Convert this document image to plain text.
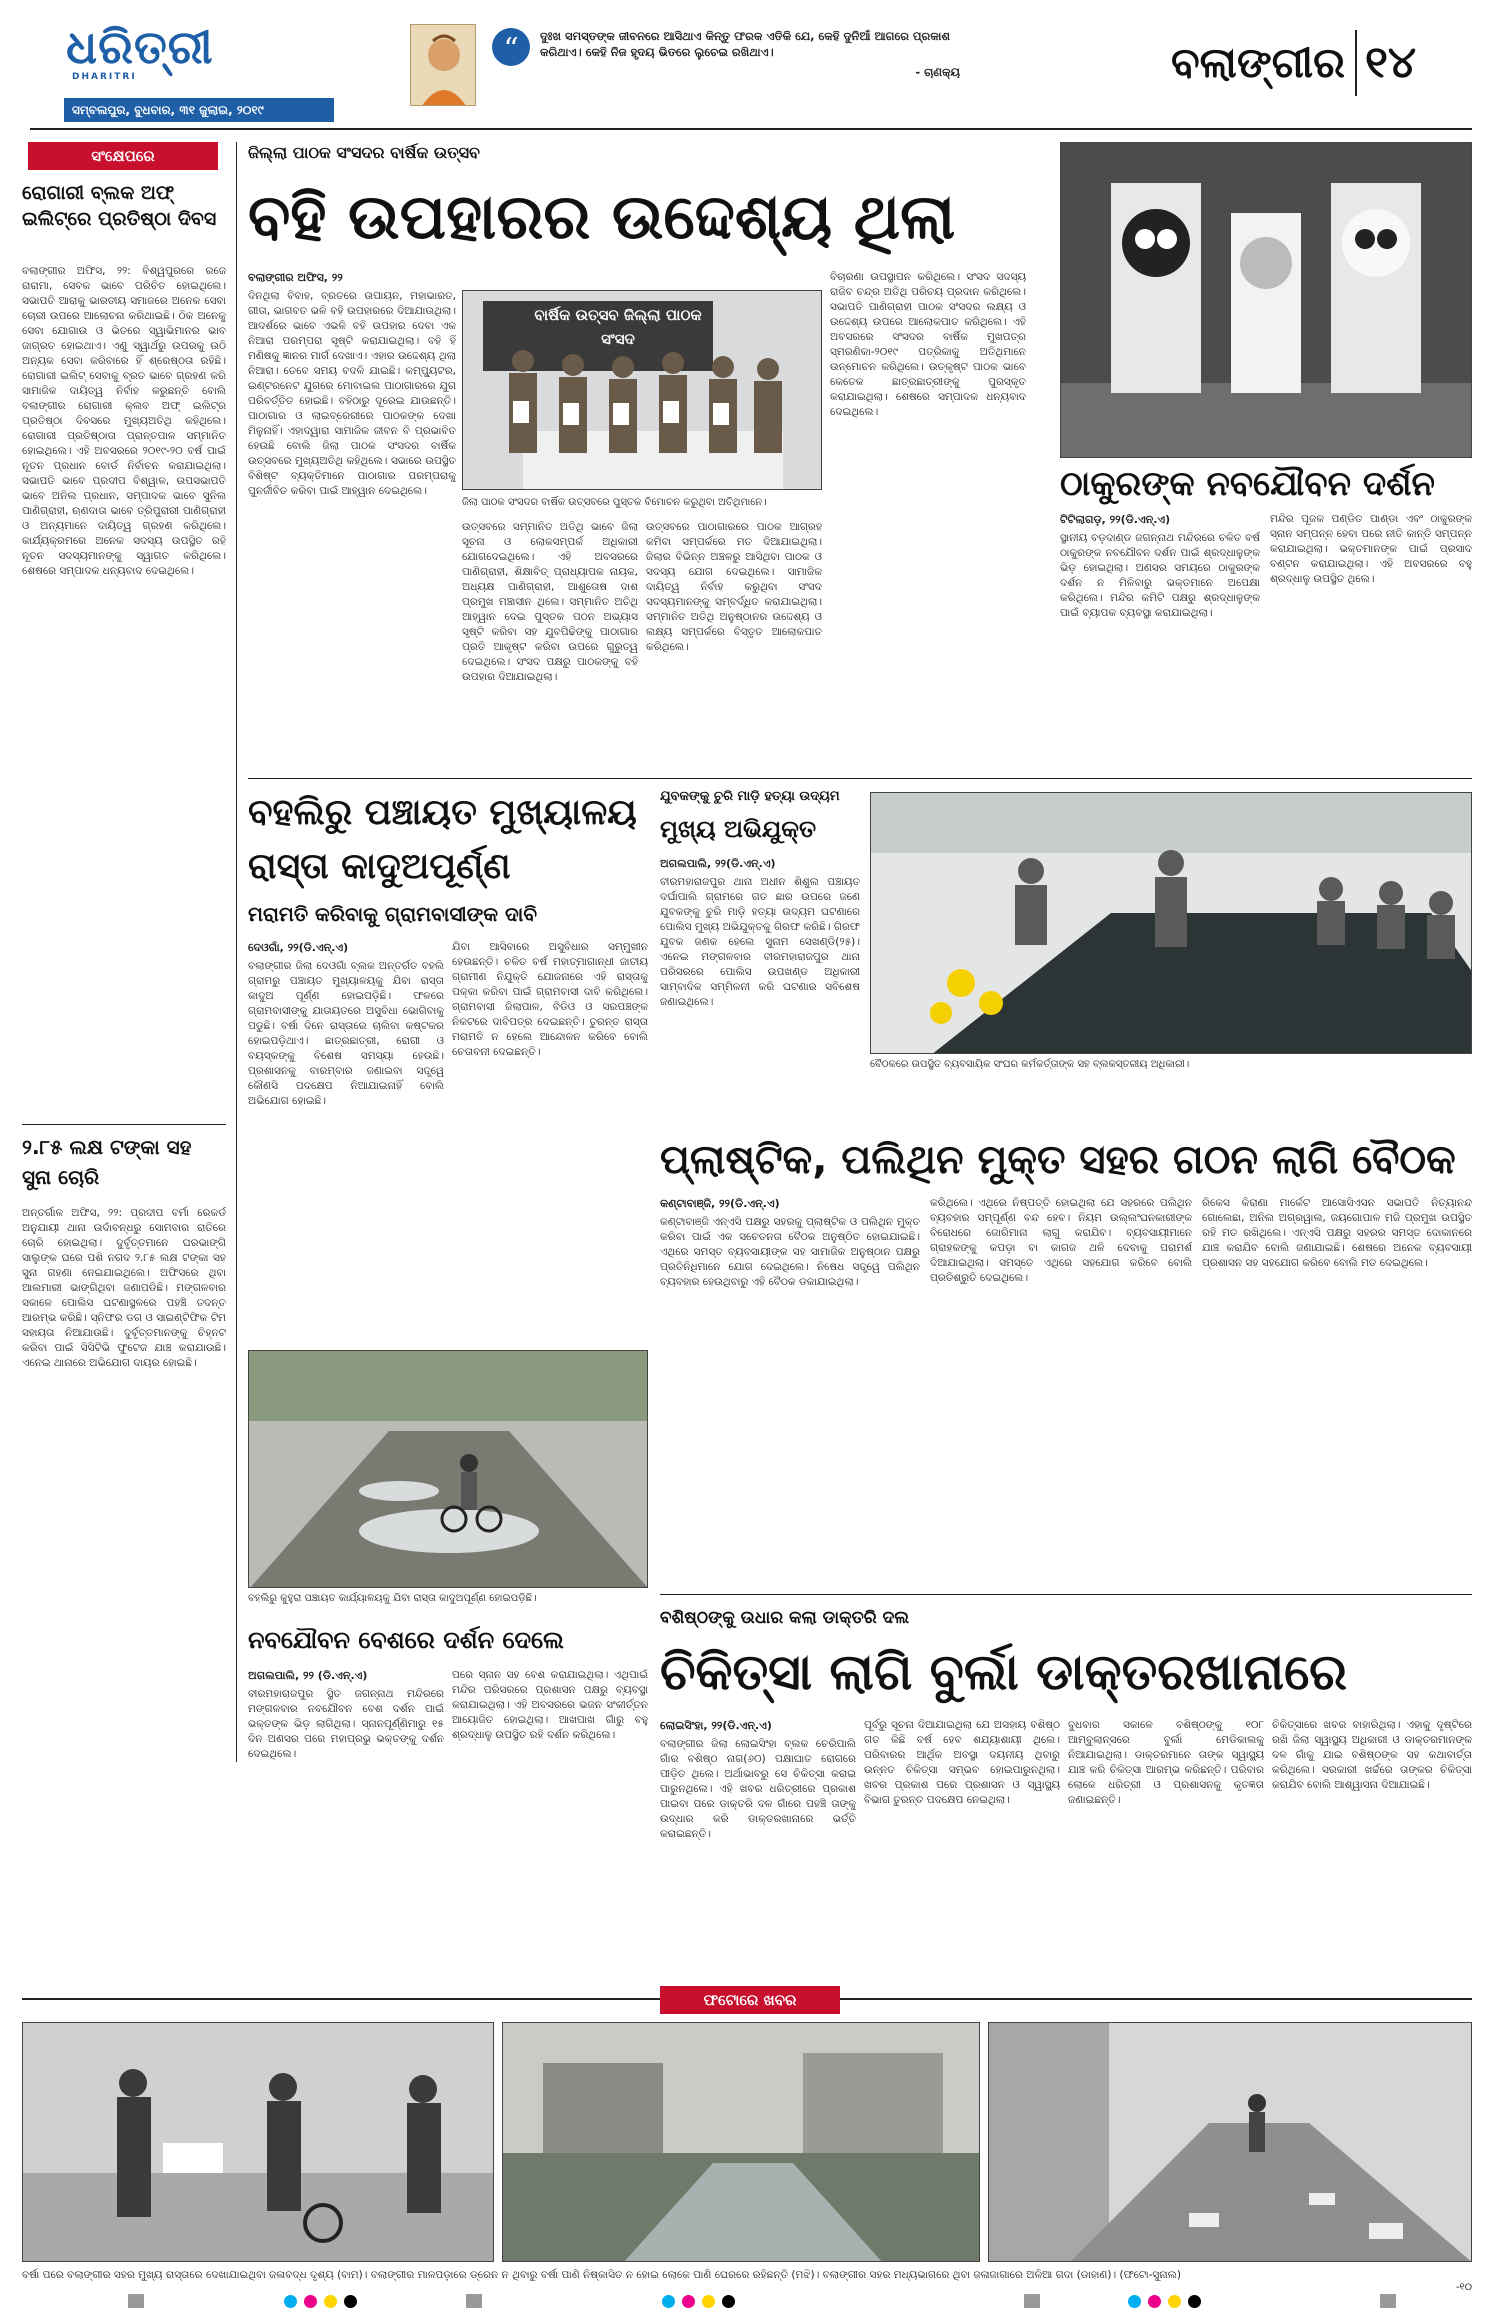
ଧରିତ୍ରୀ
DHARITRI
ସମ୍ବଲପୁର, ବୁଧବାର, ୩୧ ଜୁଲାଇ, ୨୦୧୯
“	ଦୁଃଖ ସମସ୍ତଙ୍କ ଜୀବନରେ ଆସିଥାଏ କିନ୍ତୁ ଫରକ ଏତିକି ଯେ, କେହି ଦୁନିଆଁ ଆଗରେ ପ୍ରକାଶ କରିଥାଏ। କେହି ନିଜ ହୃଦୟ ଭିତରେ ଲୁଚେଇ ରଖିଥାଏ।
- ଚାଣକ୍ୟ	ବଲାଙ୍ଗୀର ୧୪
ସଂକ୍ଷେପରେ
ରୋଗାରୀ ବ୍ଲକ ଅଫ୍‌ ଇଲିଟ୍ରେ ପ୍ରତିଷ୍ଠା ଦିବସ

ବଲାଙ୍ଗୀର ଅଫିସ, ୨୨: ବିଶ୍ୱପୁରରେ ରଜେ ରାରାମା, ସେବକ ଭାବେ ପରିଚିତ ହୋଇଥିଲେ। ସଭାପତି ଆରାକୁ ଭାରତୀୟ ସମାଜରେ ଅନେକ ସେବା ଚୋରୀ ଉପରେ ଆଲୋଚନା କରିଥାଇଛି। ଠିକ ଅନେକୁ ସେବା ଯୋଗାଉ ଓ ଭିତରେ ସ୍ୱାଭିମାନର ଭାବ ଜାଗ୍ରତ ହୋଇଥାଏ। ଏଣୁ ସ୍ୱାର୍ଥରୁ ଉପରକୁ ଉଠି ଅନ୍ୟକ ସେବା କରିବାରେ ହିଁ ଶ୍ରେଷ୍ଠତା ରହିଛି। ରୋଗାରୀ ଇଲିଟ୍ ସେବାକୁ ବ୍ରତ ଭାବେ ଗ୍ରହଣ କରି ସାମାଜିକ ଦାୟିତ୍ୱ ନିର୍ବାହ କରୁଛନ୍ତି ବୋଲି ବଲାଙ୍ଗୀର ରୋଗାରୀ କ୍ଲବ ଅଫ୍‌ ଇଲିଟ୍ର ପ୍ରତିଷ୍ଠା ଦିବସରେ ମୁଖ୍ୟଅତିଥି କହିଥିଲେ। ରୋଗାରୀ ପ୍ରତିଷ୍ଠାତା ପ୍ରାନ୍ତପାଳ ସମ୍ମାନିତ ହୋଇଥିଲେ। ଏହି ଅବସରରେ ୨୦୧୯-୨୦ ବର୍ଷ ପାଇଁ ନୂତନ ପ୍ରଧାନ ବୋର୍ଡ ନିର୍ବାଚନ କରାଯାଇଥିଲା। ସଭାପତି ଭାବେ ପ୍ରଦୀପ ବିଶ୍ୱାଳ, ଉପସଭାପତି ଭାବେ ଅନିଲ ପ୍ରଧାନ, ସମ୍ପାଦକ ଭାବେ ସୁନିଲ ପାଣିଗ୍ରାହୀ, ଋଣଦାତା ଭାବେ ତ୍ରିପୁରାରୀ ପାଣିଗ୍ରାହୀ ଓ ଅନ୍ୟମାନେ ଦାୟିତ୍ୱ ଗ୍ରହଣ କରିଥିଲେ। କାର୍ଯ୍ୟକ୍ରମରେ ଅନେକ ସଦସ୍ୟ ଉପସ୍ଥିତ ରହି ନୂତନ ସଦସ୍ୟମାନଙ୍କୁ ସ୍ୱାଗତ କରିଥିଲେ। ଶେଷରେ ସମ୍ପାଦକ ଧନ୍ୟବାଦ ଦେଇଥିଲେ।

୨.୮୫ ଲକ୍ଷ ଟଙ୍କା ସହ ସୁନା ଚୋରି

ଅନ୍ତର୍ଗାଳ ଅଫିସ, ୨୨: ପ୍ରଦୀପ ବର୍ମା ରେକର୍ଡ ଅନୁଯାୟୀ ଥାନା ଉଦାଁବନ୍ଧରୁ ସୋମବାର ରାତିରେ ଚୋରି ହୋଇଥିଲା। ଦୁର୍ବୃତ୍ତମାନେ ଘରଭାଙ୍ଗି ସାଲୁଙ୍କ ଘରେ ପଶି ନଗଦ ୨.୮୫ ଲକ୍ଷ ଟଙ୍କା ସହ ସୁନା ଗହଣା ନେଇଯାଇଥିଲେ। ଅଫିସରେ ଥିବା ଆଲମାରୀ ଭାଙ୍ଗିଥିବା ଜଣାପଡିଛି। ମଙ୍ଗଳବାର ସକାଳେ ପୋଲିସ ଘଟଣାସ୍ଥଳରେ ପହଞ୍ଚି ତଦନ୍ତ ଆରମ୍ଭ କରିଛି। ସ୍ନିଫର ଡଗ ଓ ସାଇଣ୍ଟିଫିକ ଟିମ ସହାୟତା ନିଆଯାଉଛି। ଦୁର୍ବୃତ୍ତମାନଙ୍କୁ ଚିହ୍ନଟ କରିବା ପାଇଁ ସିସିଟିଭି ଫୁଟେଜ ଯାଞ୍ଚ କରାଯାଉଛି। ଏନେଇ ଥାନାରେ ଅଭିଯୋଗ ଦାୟର ହୋଇଛି।

ଜିଲ୍ଲା ପାଠକ ସଂସଦର ବାର୍ଷିକ ଉତ୍ସବ
ବହି ଉପହାରର ଉଦ୍ଦେଶ୍ୟ ଥିଲା
ବଲାଙ୍ଗୀର ଅଫିସ, ୨୨

ଦିନଥିଲା ବିବାହ, ବ୍ରତରେ ଉପାୟନ, ମହାଭାରତ, ଗୀତା, ଭାଗବତ ଭଳି ବହି ଉପହାରରେ ଦିଆଯାଉଥିଲା। ଆଦର୍ଶରେ ଭାବେ ଏଭଳି ବହି ଉପହାର ଦେବା ଏକ ନିଆରା ପରମ୍ପରା ସୃଷ୍ଟି କରାଯାଇଥିଲା। ବହି ହିଁ ମଣିଷକୁ ଜ୍ଞାନର ମାର୍ଗ ଦେଖାଏ। ଏହାର ଉଦ୍ଦେଶ୍ୟ ଥିଲା ନିଆରା। ତେବେ ସମୟ ବଦଳି ଯାଇଛି। କମ୍ପ୍ୟୁଟର, ଇଣ୍ଟରନେଟ ଯୁଗରେ ମୋବାଇଲ ପାଠାଗାରରେ ଯୁଗ ପରିବର୍ତ୍ତିତ ହୋଇଛି। ବହିଠାରୁ ଦୂରେଇ ଯାଉଛନ୍ତି। ପାଠାଗାର ଓ ଲାଇବ୍ରେରୀରେ ପାଠକଙ୍କ ଦେଖା ମିଳୁନାହିଁ। ଏହାଦ୍ୱାରା ସାମାଜିକ ଜୀବନ ବି ପ୍ରଭାବିତ ହେଉଛି ବୋଲି ଜିଲା ପାଠକ ସଂସଦର ବାର୍ଷିକ ଉତ୍ସବରେ ମୁଖ୍ୟଅତିଥି କହିଥିଲେ। ସଭାରେ ଉପସ୍ଥିତ ବିଶିଷ୍ଟ ବ୍ୟକ୍ତିମାନେ ପାଠାଗାର ପରମ୍ପରାକୁ ପୁନର୍ଜୀବିତ କରିବା ପାଇଁ ଆହ୍ୱାନ ଦେଇଥିଲେ।

ବାର୍ଷିକ ଉତ୍ସବ ଜିଲ୍ଲା ପାଠକ ସଂସଦ
ଜିଲା ପାଠକ ସଂସଦର ବାର୍ଷିକ ଉତ୍ସବରେ ପୁସ୍ତକ ବିମୋଚନ କରୁଥିବା ଅତିଥିମାନେ।

ଉତ୍ସବରେ ସମ୍ମାନିତ ଅତିଥି ଭାବେ ଜିଲା ସୂଚନା ଓ ଲୋକସମ୍ପର୍କ ଅଧିକାରୀ ଯୋଗଦେଇଥିଲେ। ଏହି ଅବସରରେ ପାଣିଗ୍ରାହୀ, ଶିକ୍ଷାବିତ୍ ପ୍ରାଧ୍ୟାପକ ନାୟକ, ଅଧ୍ୟକ୍ଷ ପାଣିଗ୍ରାହୀ, ଆଶୁତୋଷ ଦାଶ ପ୍ରମୁଖ ମଞ୍ଚାସୀନ ଥିଲେ। ସମ୍ମାନିତ ଅତିଥି ଆହ୍ୱାନ ଦେଇ ପୁସ୍ତକ ପଠନ ଅଭ୍ୟାସ ସୃଷ୍ଟି କରିବା ସହ ଯୁବପିଢିଙ୍କୁ ପାଠାଗାର ପ୍ରତି ଆକୃଷ୍ଟ କରିବା ଉପରେ ଗୁରୁତ୍ୱ ଦେଇଥିଲେ। ସଂସଦ ପକ୍ଷରୁ ପାଠକଙ୍କୁ ବହି ଉପହାର ଦିଆଯାଇଥିଲା।

ଉତ୍ସବରେ ପାଠାଗାରରେ ପାଠକ ଆଗ୍ରହ କମିବା ସମ୍ପର୍କରେ ମତ ଦିଆଯାଇଥିଲା। ଜିଲାର ବିଭିନ୍ନ ଅଞ୍ଚଳରୁ ଆସିଥିବା ପାଠକ ଓ ସଦସ୍ୟ ଯୋଗ ଦେଇଥିଲେ। ସାମାଜିକ ଦାୟିତ୍ୱ ନିର୍ବାହ କରୁଥିବା ସଂସଦ ସଦସ୍ୟମାନଙ୍କୁ ସମ୍ବର୍ଦ୍ଧିତ କରାଯାଇଥିଲା। ସମ୍ମାନିତ ଅତିଥି ଅନୁଷ୍ଠାନର ଉଦ୍ଦେଶ୍ୟ ଓ ଲକ୍ଷ୍ୟ ସମ୍ପର୍କରେ ବିସ୍ତୃତ ଆଲୋକପାତ କରିଥିଲେ।

ବିଚାରଣା ଉପସ୍ଥାପନ କରିଥିଲେ। ସଂସଦ ସଦସ୍ୟ ରାଜିବ ଚନ୍ଦ୍ର ଅତିଥି ପରିଚୟ ପ୍ରଦାନ କରିଥିଲେ। ସଭାପତି ପାଣିଗ୍ରାହୀ ପାଠକ ସଂସଦର ଲକ୍ଷ୍ୟ ଓ ଉଦ୍ଦେଶ୍ୟ ଉପରେ ଆଲୋକପାତ କରିଥିଲେ। ଏହି ଅବସରରେ ସଂସଦର ବାର୍ଷିକ ମୁଖପତ୍ର ସ୍ମରଣିକା-୨୦୧୯ ପତ୍ରିକାକୁ ଅତିଥିମାନେ ଉନ୍ମୋଚନ କରିଥିଲେ। ଉତ୍କୃଷ୍ଟ ପାଠକ ଭାବେ କେତେକ ଛାତ୍ରଛାତ୍ରୀଙ୍କୁ ପୁରସ୍କୃତ କରାଯାଇଥିଲା। ଶେଷରେ ସମ୍ପାଦକ ଧନ୍ୟବାଦ ଦେଇଥିଲେ।

ଠାକୁରଙ୍କ ନବଯୌବନ ଦର୍ଶନ
ଟିଟିଲାଗଡ଼, ୨୨(ଡି.ଏନ୍.ଏ)

ସ୍ଥାନୀୟ ବଡ଼ଦାଣ୍ଡ ଜଗନ୍ନାଥ ମନ୍ଦିରରେ ଚଳିତ ବର୍ଷ ଠାକୁରଙ୍କ ନବଯୌବନ ଦର୍ଶନ ପାଇଁ ଶ୍ରଦ୍ଧାଳୁଙ୍କ ଭିଡ଼ ହୋଇଥିଲା। ଅଣସର ସମୟରେ ଠାକୁରଙ୍କ ଦର୍ଶନ ନ ମିଳିବାରୁ ଭକ୍ତମାନେ ଅପେକ୍ଷା କରିଥିଲେ। ମନ୍ଦିର କମିଟି ପକ୍ଷରୁ ଶ୍ରଦ୍ଧାଳୁଙ୍କ ପାଇଁ ବ୍ୟାପକ ବ୍ୟବସ୍ଥା କରାଯାଇଥିଲା।

ମନ୍ଦିର ପୂଜକ ପଣ୍ଡିତ ପାଣ୍ଡା ଏବଂ ଠାକୁରଙ୍କ ସ୍ନାନ ସମ୍ପନ୍ନ ହେବା ପରେ ନୀତି କାନ୍ତି ସମ୍ପନ୍ନ କରାଯାଇଥିଲା। ଭକ୍ତମାନଙ୍କ ପାଇଁ ପ୍ରସାଦ ବଣ୍ଟନ କରାଯାଇଥିଲା। ଏହି ଅବସରରେ ବହୁ ଶ୍ରଦ୍ଧାଳୁ ଉପସ୍ଥିତ ଥିଲେ।

ବହଲିରୁ ପଞ୍ଚାୟତ ମୁଖ୍ୟାଳୟ ରାସ୍ତା କାଦୁଅପୂର୍ଣ୍ଣ
ମରାମତି କରିବାକୁ ଗ୍ରାମବାସୀଙ୍କ ଦାବି
ଦେଓଗାଁ, ୨୨(ଡି.ଏନ୍.ଏ)

ବଲାଙ୍ଗୀର ଜିଲା ଦେଓଗାଁ ବ୍ଲକ ଅନ୍ତର୍ଗତ ବହଲି ଗ୍ରାମରୁ ପଞ୍ଚାୟତ ମୁଖ୍ୟାଳୟକୁ ଯିବା ରାସ୍ତା କାଦୁଅ ପୂର୍ଣ୍ଣ ହୋଇପଡ଼ିଛି। ଫଳରେ ଗ୍ରାମବାସୀଙ୍କୁ ଯାତାୟତରେ ଅସୁବିଧା ଭୋଗିବାକୁ ପଡୁଛି। ବର୍ଷା ଦିନେ ରାସ୍ତାରେ ଚାଲିବା କଷ୍ଟକର ହୋଇପଡ଼ିଥାଏ। ଛାତ୍ରଛାତ୍ରୀ, ରୋଗୀ ଓ ବୟସ୍କଙ୍କୁ ବିଶେଷ ସମସ୍ୟା ହେଉଛି। ପ୍ରଶାସନକୁ ବାରମ୍ବାର ଜଣାଇବା ସତ୍ତ୍ୱେ କୌଣସି ପଦକ୍ଷେପ ନିଆଯାଇନାହିଁ ବୋଲି ଅଭିଯୋଗ ହୋଇଛି।

ଯିବା ଆସିବାରେ ଅସୁବିଧାର ସମ୍ମୁଖୀନ ହେଉଛନ୍ତି। ଚଳିତ ବର୍ଷ ମହାତ୍ମାଗାନ୍ଧୀ ଜାତୀୟ ଗ୍ରାମୀଣ ନିଯୁକ୍ତି ଯୋଜନାରେ ଏହି ରାସ୍ତାକୁ ପକ୍କା କରିବା ପାଇଁ ଗ୍ରାମବାସୀ ଦାବି କରିଥିଲେ। ଗ୍ରାମବାସୀ ଜିଲାପାଳ, ବିଡିଓ ଓ ସରପଞ୍ଚଙ୍କ ନିକଟରେ ଦାବିପତ୍ର ଦେଇଛନ୍ତି। ତୁରନ୍ତ ରାସ୍ତା ମରାମତି ନ ହେଲେ ଆନ୍ଦୋଳନ କରିବେ ବୋଲି ଚେତାବନୀ ଦେଇଛନ୍ତି।

ବହଲିରୁ କୁହୁରା ପଞ୍ଚାୟତ କାର୍ଯ୍ୟାଳୟକୁ ଯିବା ରାସ୍ତା କାଦୁଅପୂର୍ଣ୍ଣ ହୋଇପଡ଼ିଛି।
ଯୁବକଙ୍କୁ ଚୁରି ମାଡ଼ି ହତ୍ୟା ଉଦ୍ୟମ
ମୁଖ୍ୟ ଅଭିଯୁକ୍ତ
ଅଗଲପାଲି, ୨୨(ଡି.ଏନ୍.ଏ)

ବୀରମହାରାଜପୁର ଥାନା ଅଧୀନ ଶିଶୁଲ ପଞ୍ଚାୟତ ଦର୍ଘାପାଲି ଗ୍ରାମରେ ଗତ ଛାର ଉପରେ ଜଣେ ଯୁବକଙ୍କୁ ଚୁରି ମାଡ଼ି ହତ୍ୟା ଉଦ୍ୟମ ଘଟଣାରେ ପୋଲିସ ମୁଖ୍ୟ ଅଭିଯୁକ୍ତକୁ ଗିରଫ କରିଛି। ଗିରଫ ଯୁବକ ଜଣକ ହେଲେ ସୁନାମ ସେଖଣ୍ଡି(୨୫)। ଏନେଇ ମଙ୍ଗଳବାର ବୀରମହାରାଜପୁର ଥାନା ପରିସରରେ ପୋଲିସ ଉପଖଣ୍ଡ ଅଧିକାରୀ ସାମ୍ବାଦିକ ସମ୍ମିଳନୀ କରି ଘଟଣାର ସବିଶେଷ ଜଣାଇଥିଲେ।

ବୈଠକରେ ଉପସ୍ଥିତ ବ୍ୟବସାୟିକ ସଂଘର କର୍ମକର୍ତ୍ତାଙ୍କ ସହ ବ୍ଲକସ୍ତରୀୟ ଅଧିକାରୀ।
ପ୍ଲାଷ୍ଟିକ, ପଲିଥିନ ମୁକ୍ତ ସହର ଗଠନ ଲାଗି ବୈଠକ
କଣ୍ଟାବାଞ୍ଜି, ୨୨(ଡି.ଏନ୍.ଏ)

କଣ୍ଟାବାଞ୍ଜି ଏନ୍‌ଏସି ପକ୍ଷରୁ ସହରକୁ ପ୍ଲାଷ୍ଟିକ ଓ ପଲିଥିନ ମୁକ୍ତ କରିବା ପାଇଁ ଏକ ସଚେତନତା ବୈଠକ ଅନୁଷ୍ଠିତ ହୋଇଯାଇଛି। ଏଥିରେ ସମସ୍ତ ବ୍ୟବସାୟୀଙ୍କ ସହ ସାମାଜିକ ଅନୁଷ୍ଠାନ ପକ୍ଷରୁ ପ୍ରତିନିଧିମାନେ ଯୋଗ ଦେଇଥିଲେ। ନିଷେଧ ସତ୍ତ୍ୱେ ପଲିଥିନ ବ୍ୟବହାର ହେଉଥିବାରୁ ଏହି ବୈଠକ ଡକାଯାଇଥିଲା।

କରିଥିଲେ। ଏଥିରେ ନିଷ୍ପତ୍ତି ହୋଇଥିଲା ଯେ ସହରରେ ପଲିଥିନ ବ୍ୟବହାର ସମ୍ପୂର୍ଣ୍ଣ ବନ୍ଦ ହେବ। ନିୟମ ଉଲ୍ଲଂଘନକାରୀଙ୍କ ବିରୋଧରେ ଜୋରିମାନା ଲାଗୁ କରାଯିବ। ବ୍ୟବସାୟୀମାନେ ଗ୍ରାହକଙ୍କୁ କପଡ଼ା ବା କାଗଜ ଥଳି ଦେବାକୁ ପରାମର୍ଶ ଦିଆଯାଇଥିଲା। ସମସ୍ତେ ଏଥିରେ ସହଯୋଗ କରିବେ ବୋଲି ପ୍ରତିଶ୍ରୁତି ଦେଇଥିଲେ।

ରିକେସ କିରାଣା ମାର୍କେଟ ଆସୋସିଏସନ ସଭାପତି ନିତ୍ୟାନନ୍ଦ ଗୋଲେଛା, ଅନିଲ ଅଗ୍ରୱାଲ, ଜୟଗୋପାଳ ମଜି ପ୍ରମୁଖ ଉପସ୍ଥିତ ରହି ମତ ରଖିଥିଲେ। ଏନ୍‌ଏସି ପକ୍ଷରୁ ସହରର ସମସ୍ତ ଦୋକାନରେ ଯାଞ୍ଚ କରାଯିବ ବୋଲି ଜଣାଯାଇଛି। ଶେଷରେ ଅନେକ ବ୍ୟବସାୟୀ ପ୍ରଶାସନ ସହ ସହଯୋଗ କରିବେ ବୋଲି ମତ ଦେଇଥିଲେ।

ବଶିଷ୍ଠଙ୍କୁ ଉଧାର କଲା ଡାକ୍ତରି ଦଲ
ଚିକିତ୍ସା ଲାଗି ବୁର୍ଲା ଡାକ୍ତରଖାନାରେ
ଲୋଇସିଂହା, ୨୨(ଡି.ଏନ୍.ଏ)

ବଲାଙ୍ଗୀର ଜିଲା ଲୋଇସିଂହା ବ୍ଲକ ଚେରିପାଲି ଗାଁର ବଶିଷ୍ଠ ନାଗ(୬୦) ପକ୍ଷାଘାତ ରୋଗରେ ପୀଡ଼ିତ ଥିଲେ। ଅର୍ଥାଭାବରୁ ସେ ଚିକିତ୍ସା କରାଇ ପାରୁନଥିଲେ। ଏହି ଖବର ଧରିତ୍ରୀରେ ପ୍ରକାଶ ପାଇବା ପରେ ଡାକ୍ତରି ଦଳ ଗାଁରେ ପହଞ୍ଚି ତାଙ୍କୁ ଉଦ୍ଧାର କରି ଡାକ୍ତରଖାନାରେ ଭର୍ତ୍ତି କରାଇଛନ୍ତି।

ପୂର୍ବରୁ ସୂଚନା ଦିଆଯାଇଥିଲା ଯେ ଅସହାୟ ବଶିଷ୍ଠ ଗତ କିଛି ବର୍ଷ ହେବ ଶଯ୍ୟାଶାୟୀ ଥିଲେ। ପରିବାରର ଆର୍ଥିକ ଅବସ୍ଥା ଦୟନୀୟ ଥିବାରୁ ଉନ୍ନତ ଚିକିତ୍ସା ସମ୍ଭବ ହୋଇପାରୁନଥିଲା। ଖବର ପ୍ରକାଶ ପରେ ପ୍ରଶାସନ ଓ ସ୍ୱାସ୍ଥ୍ୟ ବିଭାଗ ତୁରନ୍ତ ପଦକ୍ଷେପ ନେଇଥିଲା।

ବୁଧବାର ସକାଳେ ବଶିଷ୍ଠଙ୍କୁ ୧୦୮ ଆମ୍ବୁଲାନ୍ସରେ ବୁର୍ଲା ମେଡିକାଲକୁ ନିଆଯାଇଥିଲା। ଡାକ୍ତରମାନେ ତାଙ୍କ ସ୍ୱାସ୍ଥ୍ୟ ଯାଞ୍ଚ କରି ଚିକିତ୍ସା ଆରମ୍ଭ କରିଛନ୍ତି। ପରିବାର ଲୋକେ ଧରିତ୍ରୀ ଓ ପ୍ରଶାସନକୁ କୃତଜ୍ଞତା ଜଣାଇଛନ୍ତି।

ଚିକିତ୍ସାରେ ଖବର ବାହାରିଥିଲା। ଏହାକୁ ଦୃଷ୍ଟିରେ ରଖି ଜିଲା ସ୍ୱାସ୍ଥ୍ୟ ଅଧିକାରୀ ଓ ଡାକ୍ତରମାନଙ୍କ ଦଳ ଗାଁକୁ ଯାଇ ବଶିଷ୍ଠଙ୍କ ସହ କଥାବାର୍ତ୍ତା କରିଥିଲେ। ସରକାରୀ ଖର୍ଚ୍ଚରେ ତାଙ୍କର ଚିକିତ୍ସା କରାଯିବ ବୋଲି ଆଶ୍ୱାସନା ଦିଆଯାଇଛି।

ନବଯୌବନ ବେଶରେ ଦର୍ଶନ ଦେଲେ
ଅଗଲପାଲି, ୨୨ (ଡି.ଏନ୍.ଏ)

ବୀରମହାରାଜପୁର ସ୍ଥିତ ଜଗନ୍ନାଥ ମନ୍ଦିରରେ ମଙ୍ଗଳବାର ନବଯୌବନ ବେଶ ଦର୍ଶନ ପାଇଁ ଭକ୍ତଙ୍କ ଭିଡ଼ ଲାଗିଥିଲା। ସ୍ନାନପୂର୍ଣ୍ଣିମାରୁ ୧୫ ଦିନ ଅଣସର ପରେ ମହାପ୍ରଭୁ ଭକ୍ତଙ୍କୁ ଦର୍ଶନ ଦେଇଥିଲେ।

ପରେ ସ୍ନାନ ସହ ବେଶ କରାଯାଇଥିଲା। ଏଥିପାଇଁ ମନ୍ଦିର ପରିସରରେ ପ୍ରଶାସନ ପକ୍ଷରୁ ବ୍ୟବସ୍ଥା କରାଯାଇଥିଲା। ଏହି ଅବସରରେ ଭଜନ ସଂକୀର୍ତ୍ତନ ଆୟୋଜିତ ହୋଇଥିଲା। ଆଖପାଖ ଗାଁରୁ ବହୁ ଶ୍ରଦ୍ଧାଳୁ ଉପସ୍ଥିତ ରହି ଦର୍ଶନ କରିଥିଲେ।

ଫଟୋରେ ଖବର
ବର୍ଷା ପରେ ବଲାଙ୍ଗୀର ସହର ମୁଖ୍ୟ ରାସ୍ତାରେ ଦେଖାଯାଇଥିବା ଜଳାବଦ୍ଧ ଦୃଶ୍ୟ (ବାମ)। ବଲାଙ୍ଗୀର ମାଳପଡ଼ାରେ ଡ୍ରେନ ନ ଥିବାରୁ ବର୍ଷା ପାଣି ନିଷ୍କାସିତ ନ ହୋଇ ଲୋକେ ପାଣି ଘେରରେ ରହିଛନ୍ତି (ମଝି)। ବଲାଙ୍ଗୀର ସହର ମଧ୍ୟଭାଗରେ ଥିବା ଜଳାଜାଗାରେ ଅଳିଆ ଗଦା (ଡାହାଣ)। (ଫଟୋ-ସୁନାଲ)
-୧୦
